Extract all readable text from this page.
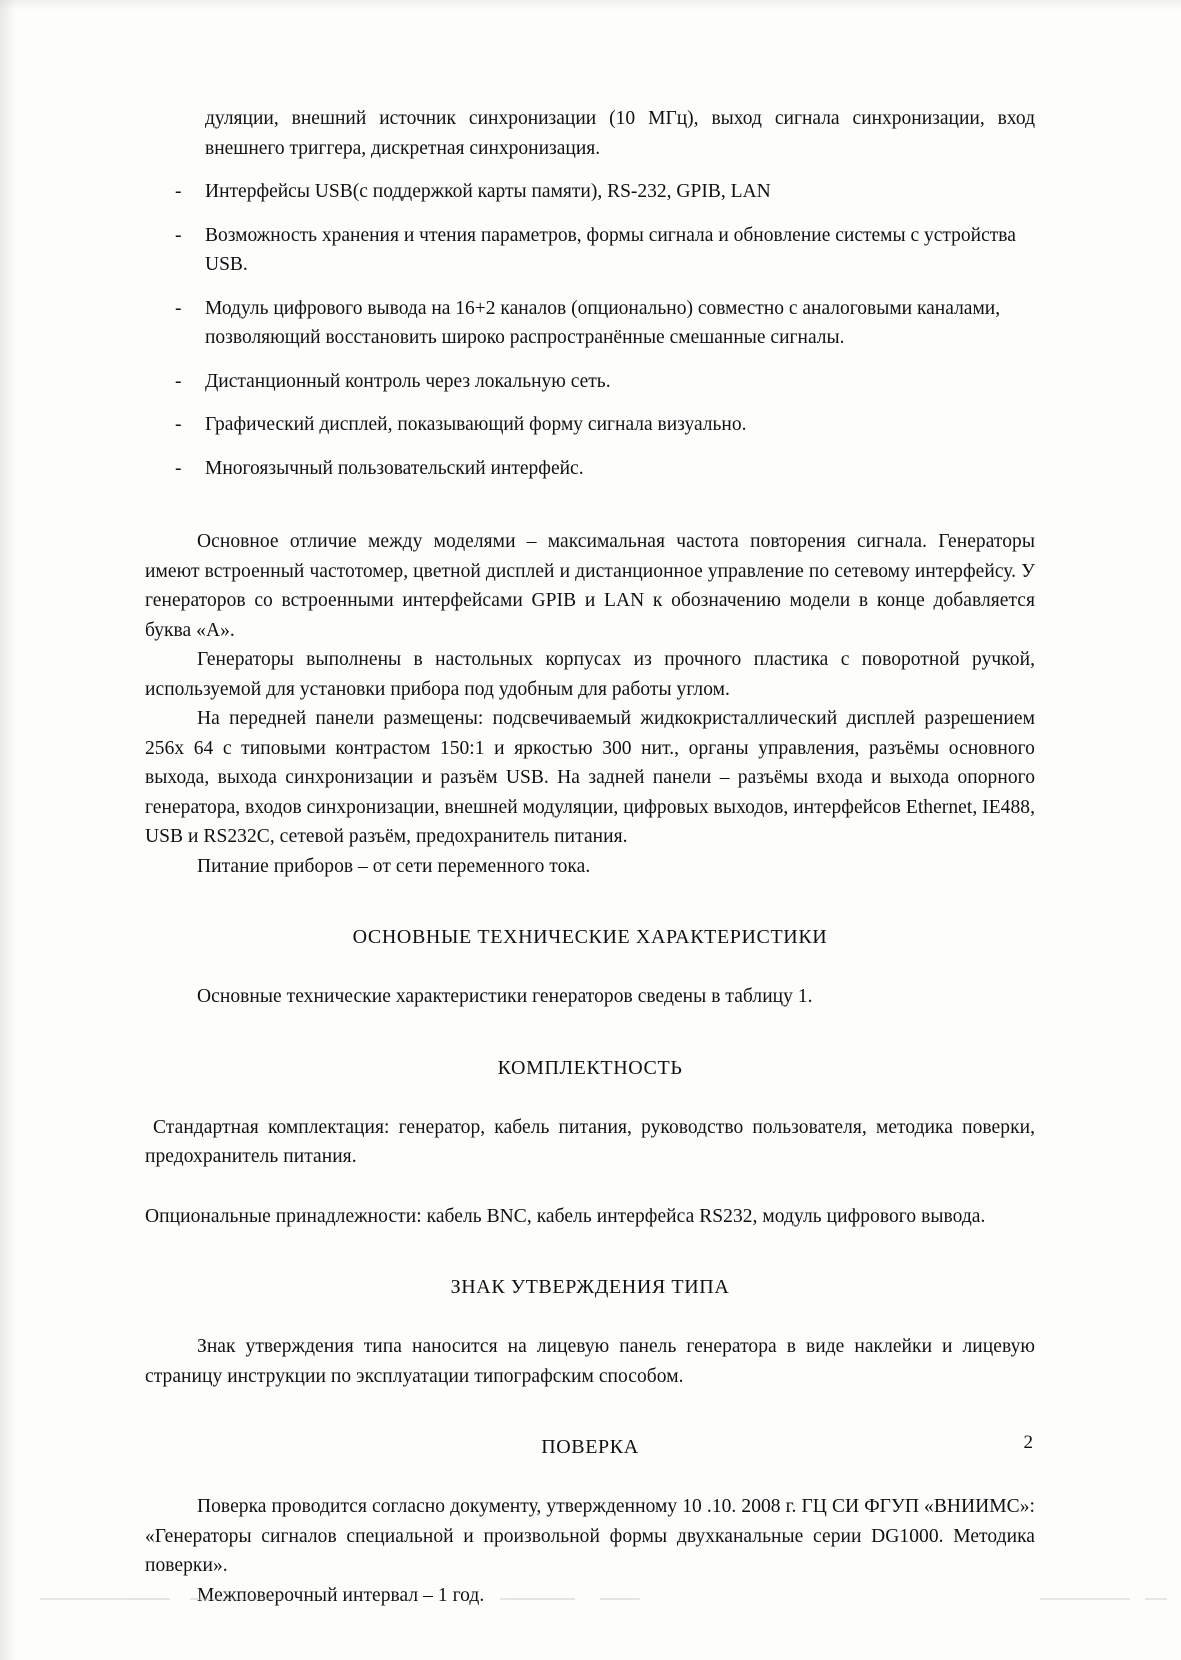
дуляции, внешний источник синхронизации (10 МГц), выход сигнала синхронизации, вход внешнего триггера, дискретная синхронизация.

-	Интерфейсы USB(с поддержкой карты памяти), RS-232, GPIB, LAN
-	Возможность хранения и чтения параметров, формы сигнала и обновление системы с устройства USB.
-	Модуль цифрового вывода на 16+2 каналов (опционально) совместно с аналоговыми каналами, позволяющий восстановить широко распространённые смешанные сигналы.
-	Дистанционный контроль через локальную сеть.
-	Графический дисплей, показывающий форму сигнала визуально.
-	Многоязычный пользовательский интерфейс.

Основное отличие между моделями – максимальная частота повторения сигнала. Генераторы имеют встроенный частотомер, цветной дисплей и дистанционное управление по сетевому интерфейсу. У генераторов со встроенными интерфейсами GPIB и LAN к обозначению модели в конце добавляется буква «А».

Генераторы выполнены в настольных корпусах из прочного пластика с поворотной ручкой, используемой для установки прибора под удобным для работы углом.

На передней панели размещены: подсвечиваемый жидкокристаллический дисплей разрешением 256х 64 с типовыми контрастом 150:1 и яркостью 300 нит., органы управления, разъёмы основного выхода, выхода синхронизации и разъём USB. На задней панели – разъёмы входа и выхода опорного генератора, входов синхронизации, внешней модуляции, цифровых выходов, интерфейсов Ethernet, IE488, USB и RS232C, сетевой разъём, предохранитель питания.

Питание приборов – от сети переменного тока.

ОСНОВНЫЕ ТЕХНИЧЕСКИЕ ХАРАКТЕРИСТИКИ

Основные технические характеристики генераторов сведены в таблицу 1.

КОМПЛЕКТНОСТЬ

Стандартная комплектация: генератор, кабель питания, руководство пользователя, методика поверки, предохранитель питания.

Опциональные принадлежности: кабель BNC, кабель интерфейса RS232, модуль цифрового вывода.

ЗНАК УТВЕРЖДЕНИЯ ТИПА

Знак утверждения типа наносится на лицевую панель генератора в виде наклейки и лицевую страницу инструкции по эксплуатации типографским способом.

ПОВЕРКА

Поверка проводится согласно документу, утвержденному 10 .10. 2008 г. ГЦ СИ ФГУП «ВНИИМС»: «Генераторы сигналов специальной и произвольной формы двухканальные серии DG1000. Методика поверки».

Межповерочный интервал – 1 год.

2
